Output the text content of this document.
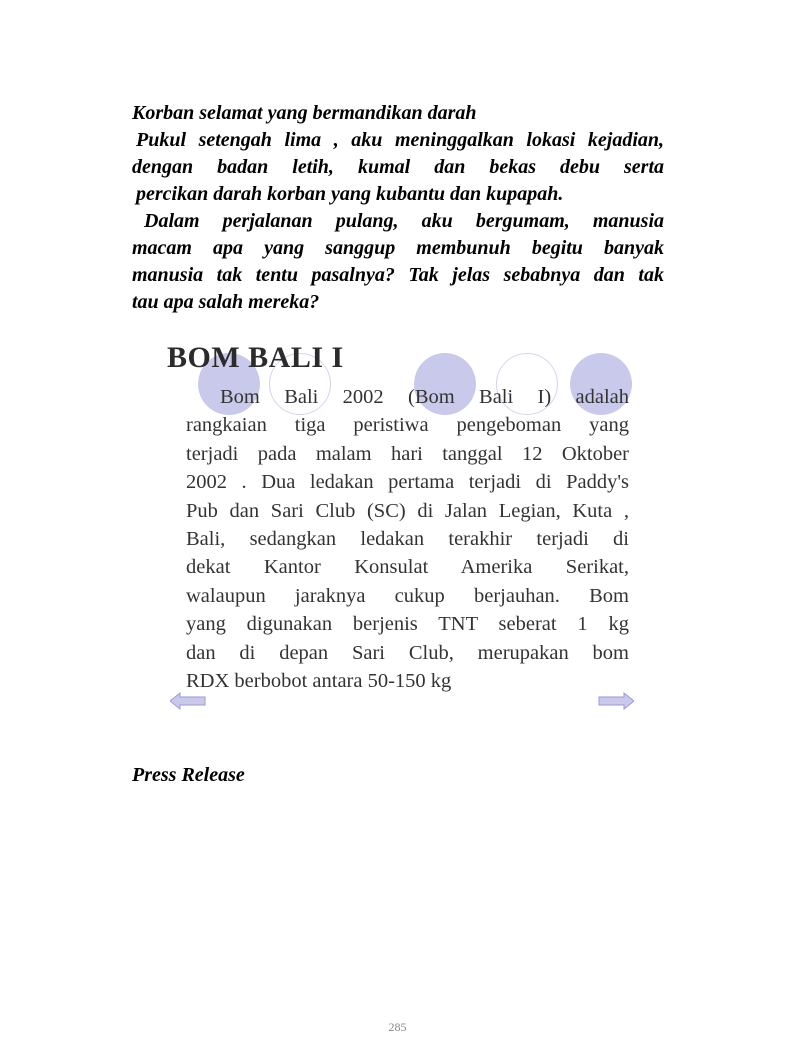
Korban selamat yang bermandikan darah
Pukul setengah lima , aku meninggalkan lokasi kejadian,
dengan badan letih, kumal dan bekas debu serta
percikan darah korban yang kubantu dan kupapah.
Dalam perjalanan pulang, aku bergumam, manusia
macam apa yang sanggup membunuh begitu banyak
manusia tak tentu pasalnya? Tak jelas sebabnya dan tak
tau apa salah mereka?
BOM BALI I
Bom Bali 2002 (Bom Bali I) adalah
rangkaian tiga peristiwa pengeboman yang
terjadi pada malam hari tanggal 12 Oktober
2002 . Dua ledakan pertama terjadi di Paddy's
Pub dan Sari Club (SC) di Jalan Legian, Kuta ,
Bali, sedangkan ledakan terakhir terjadi di
dekat Kantor Konsulat Amerika Serikat,
walaupun jaraknya cukup berjauhan. Bom
yang digunakan berjenis TNT seberat 1 kg
dan di depan Sari Club, merupakan bom
RDX berbobot antara 50-150 kg
Press Release
285
